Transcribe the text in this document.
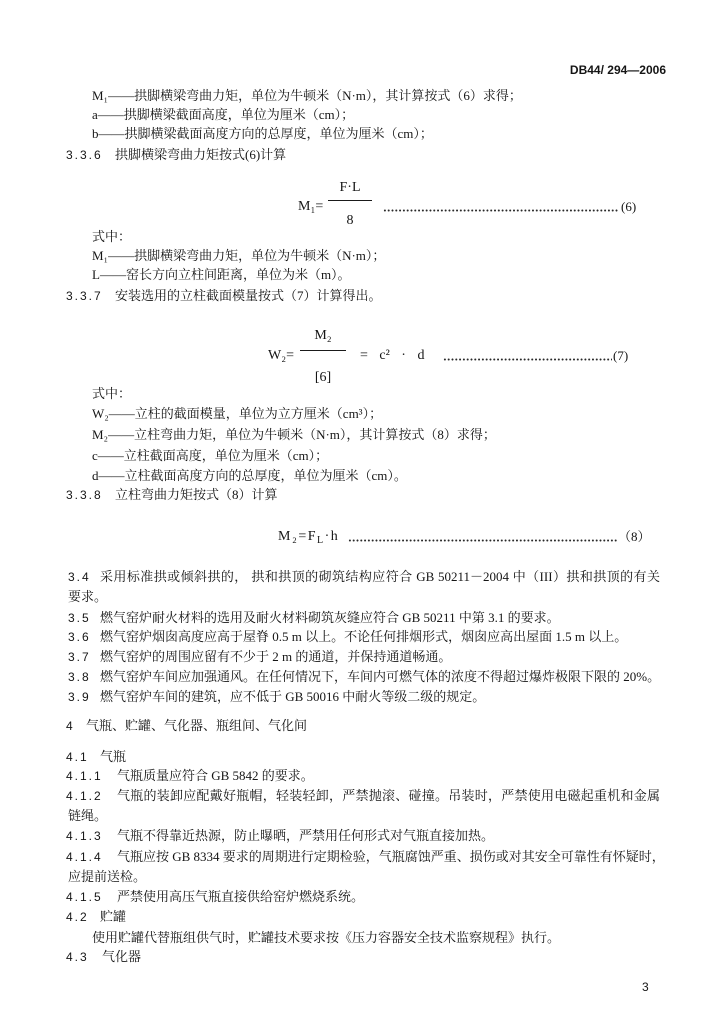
DB44/ 294—2006
M₁——拱脚横梁弯曲力矩，单位为牛顿米（N·m），其计算按式（6）求得；
a——拱脚横梁截面高度，单位为厘米（cm）；
b——拱脚横梁截面高度方向的总厚度，单位为厘米（cm）；
3.3.6 拱脚横梁弯曲力矩按式(6)计算
M₁=
F·L
8
(6)
式中：
M₁——拱脚横梁弯曲力矩，单位为牛顿米（N·m）；
L——窑长方向立柱间距离，单位为米（m）。
3.3.7 安装选用的立柱截面模量按式（7）计算得出。
W₂=
M₂
[6]
= c² · d	(7)
式中：
W₂——立柱的截面模量，单位为立方厘米（cm³）；
M₂——立柱弯曲力矩，单位为牛顿米（N·m），其计算按式（8）求得；
c——立柱截面高度，单位为厘米（cm）；
d——立柱截面高度方向的总厚度，单位为厘米（cm）。
3.3.8 立柱弯曲力矩按式（8）计算
$M_2=F_L\cdot h$	（8）
3.4 采用标准拱或倾斜拱的， 拱和拱顶的砌筑结构应符合 GB 50211－2004 中（III）拱和拱顶的有关
要求。
3.5 燃气窑炉耐火材料的选用及耐火材料砌筑灰缝应符合 GB 50211 中第 3.1 的要求。
3.6 燃气窑炉烟囱高度应高于屋脊 0.5 m 以上。不论任何排烟形式，烟囱应高出屋面 1.5 m 以上。
3.7 燃气窑炉的周围应留有不少于 2 m 的通道，并保持通道畅通。
3.8 燃气窑炉车间应加强通风。在任何情况下，车间内可燃气体的浓度不得超过爆炸极限下限的 20%。
3.9 燃气窑炉车间的建筑，应不低于 GB 50016 中耐火等级二级的规定。
4 气瓶、贮罐、气化器、瓶组间、气化间
4.1 气瓶
4.1.1 气瓶质量应符合 GB 5842 的要求。
4.1.2 气瓶的装卸应配戴好瓶帽，轻装轻卸，严禁抛滚、碰撞。吊装时，严禁使用电磁起重机和金属
链绳。
4.1.3 气瓶不得靠近热源，防止曝晒，严禁用任何形式对气瓶直接加热。
4.1.4 气瓶应按 GB 8334 要求的周期进行定期检验，气瓶腐蚀严重、损伤或对其安全可靠性有怀疑时，
应提前送检。
4.1.5 严禁使用高压气瓶直接供给窑炉燃烧系统。
4.2 贮罐
使用贮罐代替瓶组供气时，贮罐技术要求按《压力容器安全技术监察规程》执行。
4.3 气化器
3
